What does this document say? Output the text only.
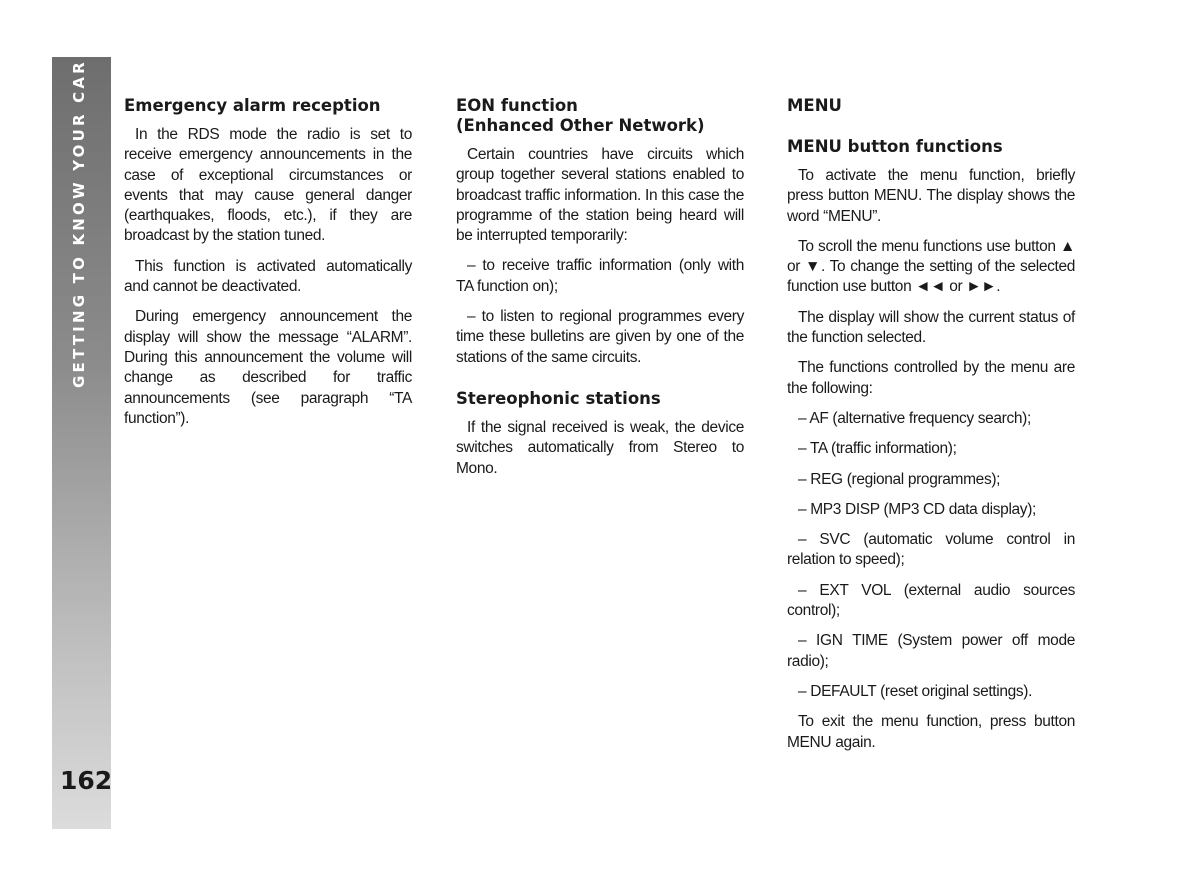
GETTING TO KNOW YOUR CAR
162
Emergency alarm reception

In the RDS mode the radio is set to receive emergency announcements in the case of exceptional circumstances or events that may cause general danger (earthquakes, floods, etc.), if they are broadcast by the station tuned.

This function is activated automatically and cannot be deactivated.

During emergency announcement the display will show the message “ALARM”. During this announcement the volume will change as described for traffic announcements (see paragraph “TA function”).

EON function
(Enhanced Other Network)

Certain countries have circuits which group together several stations enabled to broadcast traffic information. In this case the programme of the station being heard will be interrupted temporarily:

– to receive traffic information (only with TA function on);

– to listen to regional programmes every time these bulletins are given by one of the stations of the same circuits.

Stereophonic stations

If the signal received is weak, the device switches automatically from Stereo to Mono.

MENU
MENU button functions

To activate the menu function, briefly press button MENU. The display shows the word “MENU”.

To scroll the menu functions use button ▲ or ▼. To change the setting of the selected function use button ◄◄ or ►►.

The display will show the current status of the function selected.

The functions controlled by the menu are the following:

– AF (alternative frequency search);

– TA (traffic information);

– REG (regional programmes);

– MP3 DISP (MP3 CD data display);

– SVC (automatic volume control in relation to speed);

– EXT VOL (external audio sources control);

– IGN TIME (System power off mode radio);

– DEFAULT (reset original settings).

To exit the menu function, press button MENU again.
